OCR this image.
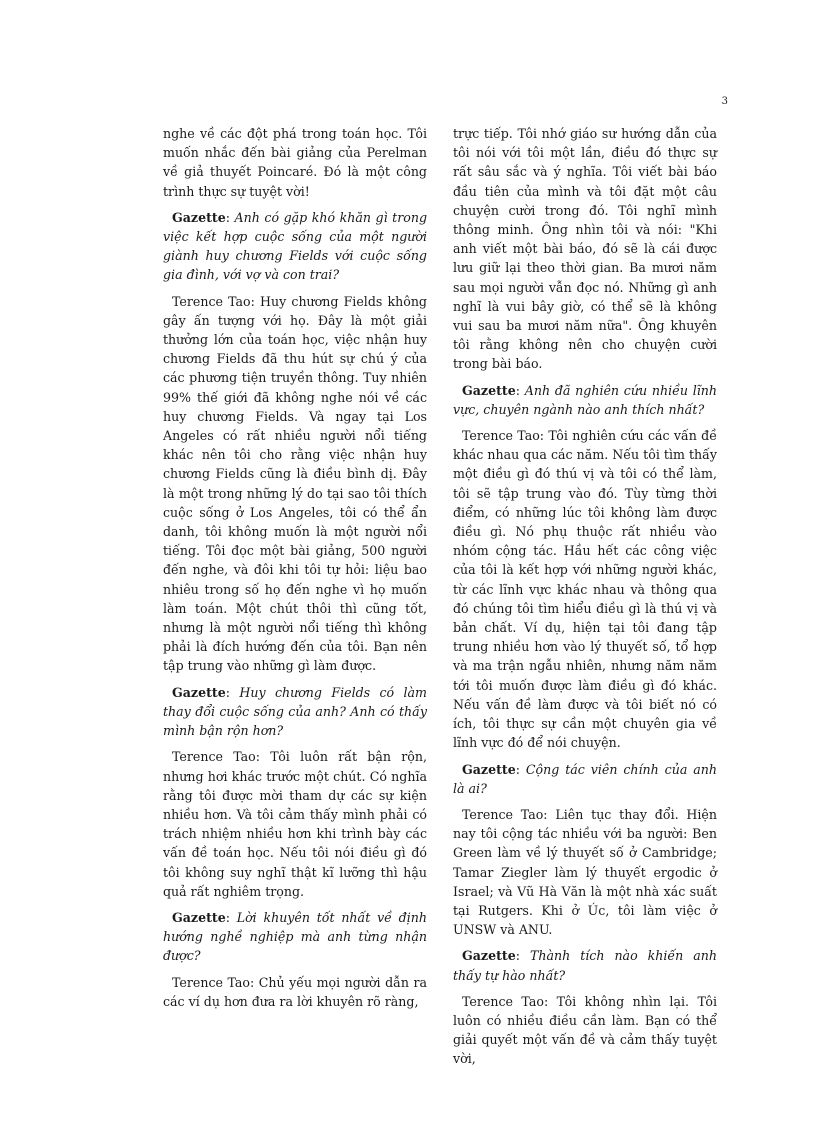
3

nghe về các đột phá trong toán học. Tôi muốn nhắc đến bài giảng của Perelman về giả thuyết Poincaré. Đó là một công trình thực sự tuyệt vời!

Gazette: Anh có gặp khó khăn gì trong việc kết hợp cuộc sống của một người giành huy chương Fields với cuộc sống gia đình, với vợ và con trai?

Terence Tao: Huy chương Fields không gây ấn tượng với họ. Đây là một giải thưởng lớn của toán học, việc nhận huy chương Fields đã thu hút sự chú ý của các phương tiện truyền thông. Tuy nhiên 99% thế giới đã không nghe nói về các huy chương Fields. Và ngay tại Los Angeles có rất nhiều người nổi tiếng khác nên tôi cho rằng việc nhận huy chương Fields cũng là điều bình dị. Đây là một trong những lý do tại sao tôi thích cuộc sống ở Los Angeles, tôi có thể ẩn danh, tôi không muốn là một người nổi tiếng. Tôi đọc một bài giảng, 500 người đến nghe, và đôi khi tôi tự hỏi: liệu bao nhiêu trong số họ đến nghe vì họ muốn làm toán. Một chút thôi thì cũng tốt, nhưng là một người nổi tiếng thì không phải là đích hướng đến của tôi. Bạn nên tập trung vào những gì làm được.

Gazette: Huy chương Fields có làm thay đổi cuộc sống của anh? Anh có thấy mình bận rộn hơn?

Terence Tao: Tôi luôn rất bận rộn, nhưng hơi khác trước một chút. Có nghĩa rằng tôi được mời tham dự các sự kiện nhiều hơn. Và tôi cảm thấy mình phải có trách nhiệm nhiều hơn khi trình bày các vấn đề toán học. Nếu tôi nói điều gì đó tôi không suy nghĩ thật kĩ lưỡng thì hậu quả rất nghiêm trọng.

Gazette: Lời khuyên tốt nhất về định hướng nghề nghiệp mà anh từng nhận được?

Terence Tao: Chủ yếu mọi người dẫn ra các ví dụ hơn đưa ra lời khuyên rõ ràng,

trực tiếp. Tôi nhớ giáo sư hướng dẫn của tôi nói với tôi một lần, điều đó thực sự rất sâu sắc và ý nghĩa. Tôi viết bài báo đầu tiên của mình và tôi đặt một câu chuyện cười trong đó. Tôi nghĩ mình thông minh. Ông nhìn tôi và nói: "Khi anh viết một bài báo, đó sẽ là cái được lưu giữ lại theo thời gian. Ba mươi năm sau mọi người vẫn đọc nó. Những gì anh nghĩ là vui bây giờ, có thể sẽ là không vui sau ba mươi năm nữa". Ông khuyên tôi rằng không nên cho chuyện cười trong bài báo.

Gazette: Anh đã nghiên cứu nhiều lĩnh vực, chuyên ngành nào anh thích nhất?

Terence Tao: Tôi nghiên cứu các vấn đề khác nhau qua các năm. Nếu tôi tìm thấy một điều gì đó thú vị và tôi có thể làm, tôi sẽ tập trung vào đó. Tùy từng thời điểm, có những lúc tôi không làm được điều gì. Nó phụ thuộc rất nhiều vào nhóm cộng tác. Hầu hết các công việc của tôi là kết hợp với những người khác, từ các lĩnh vực khác nhau và thông qua đó chúng tôi tìm hiểu điều gì là thú vị và bản chất. Ví dụ, hiện tại tôi đang tập trung nhiều hơn vào lý thuyết số, tổ hợp và ma trận ngẫu nhiên, nhưng năm năm tới tôi muốn được làm điều gì đó khác. Nếu vấn đề làm được và tôi biết nó có ích, tôi thực sự cần một chuyên gia về lĩnh vực đó để nói chuyện.

Gazette: Cộng tác viên chính của anh là ai?

Terence Tao: Liên tục thay đổi. Hiện nay tôi cộng tác nhiều với ba người: Ben Green làm về lý thuyết số ở Cambridge; Tamar Ziegler làm lý thuyết ergodic ở Israel; và Vũ Hà Văn là một nhà xác suất tại Rutgers. Khi ở Úc, tôi làm việc ở UNSW và ANU.

Gazette: Thành tích nào khiến anh thấy tự hào nhất?

Terence Tao: Tôi không nhìn lại. Tôi luôn có nhiều điều cần làm. Bạn có thể giải quyết một vấn đề và cảm thấy tuyệt vời,
